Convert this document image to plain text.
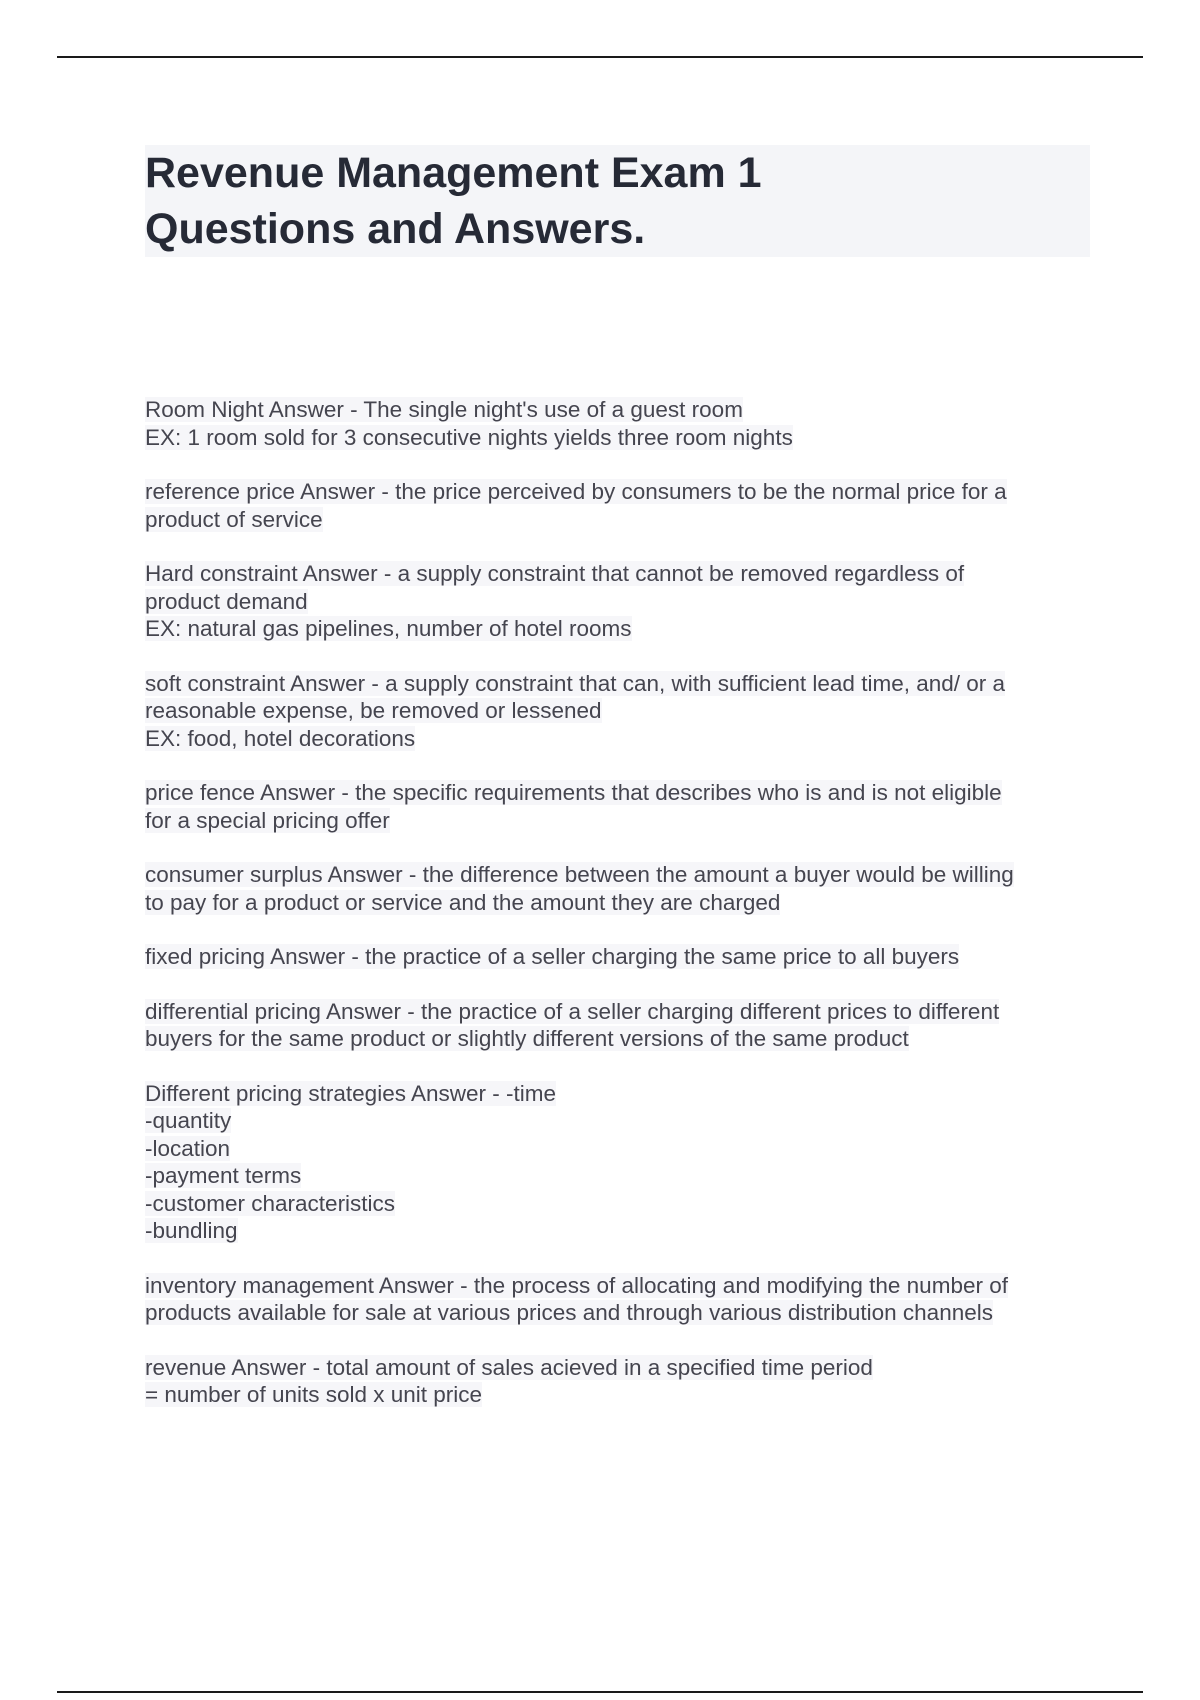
Revenue Management Exam 1
Questions and Answers.
Room Night Answer - The single night's use of a guest room
EX: 1 room sold for 3 consecutive nights yields three room nights
reference price Answer - the price perceived by consumers to be the normal price for a
product of service
Hard constraint Answer - a supply constraint that cannot be removed regardless of
product demand
EX: natural gas pipelines, number of hotel rooms
soft constraint Answer - a supply constraint that can, with sufficient lead time, and/ or a
reasonable expense, be removed or lessened
EX: food, hotel decorations
price fence Answer - the specific requirements that describes who is and is not eligible
for a special pricing offer
consumer surplus Answer - the difference between the amount a buyer would be willing
to pay for a product or service and the amount they are charged
fixed pricing Answer - the practice of a seller charging the same price to all buyers
differential pricing Answer - the practice of a seller charging different prices to different
buyers for the same product or slightly different versions of the same product
Different pricing strategies Answer - -time
-quantity
-location
-payment terms
-customer characteristics
-bundling
inventory management Answer - the process of allocating and modifying the number of
products available for sale at various prices and through various distribution channels
revenue Answer - total amount of sales acieved in a specified time period
= number of units sold x unit price
